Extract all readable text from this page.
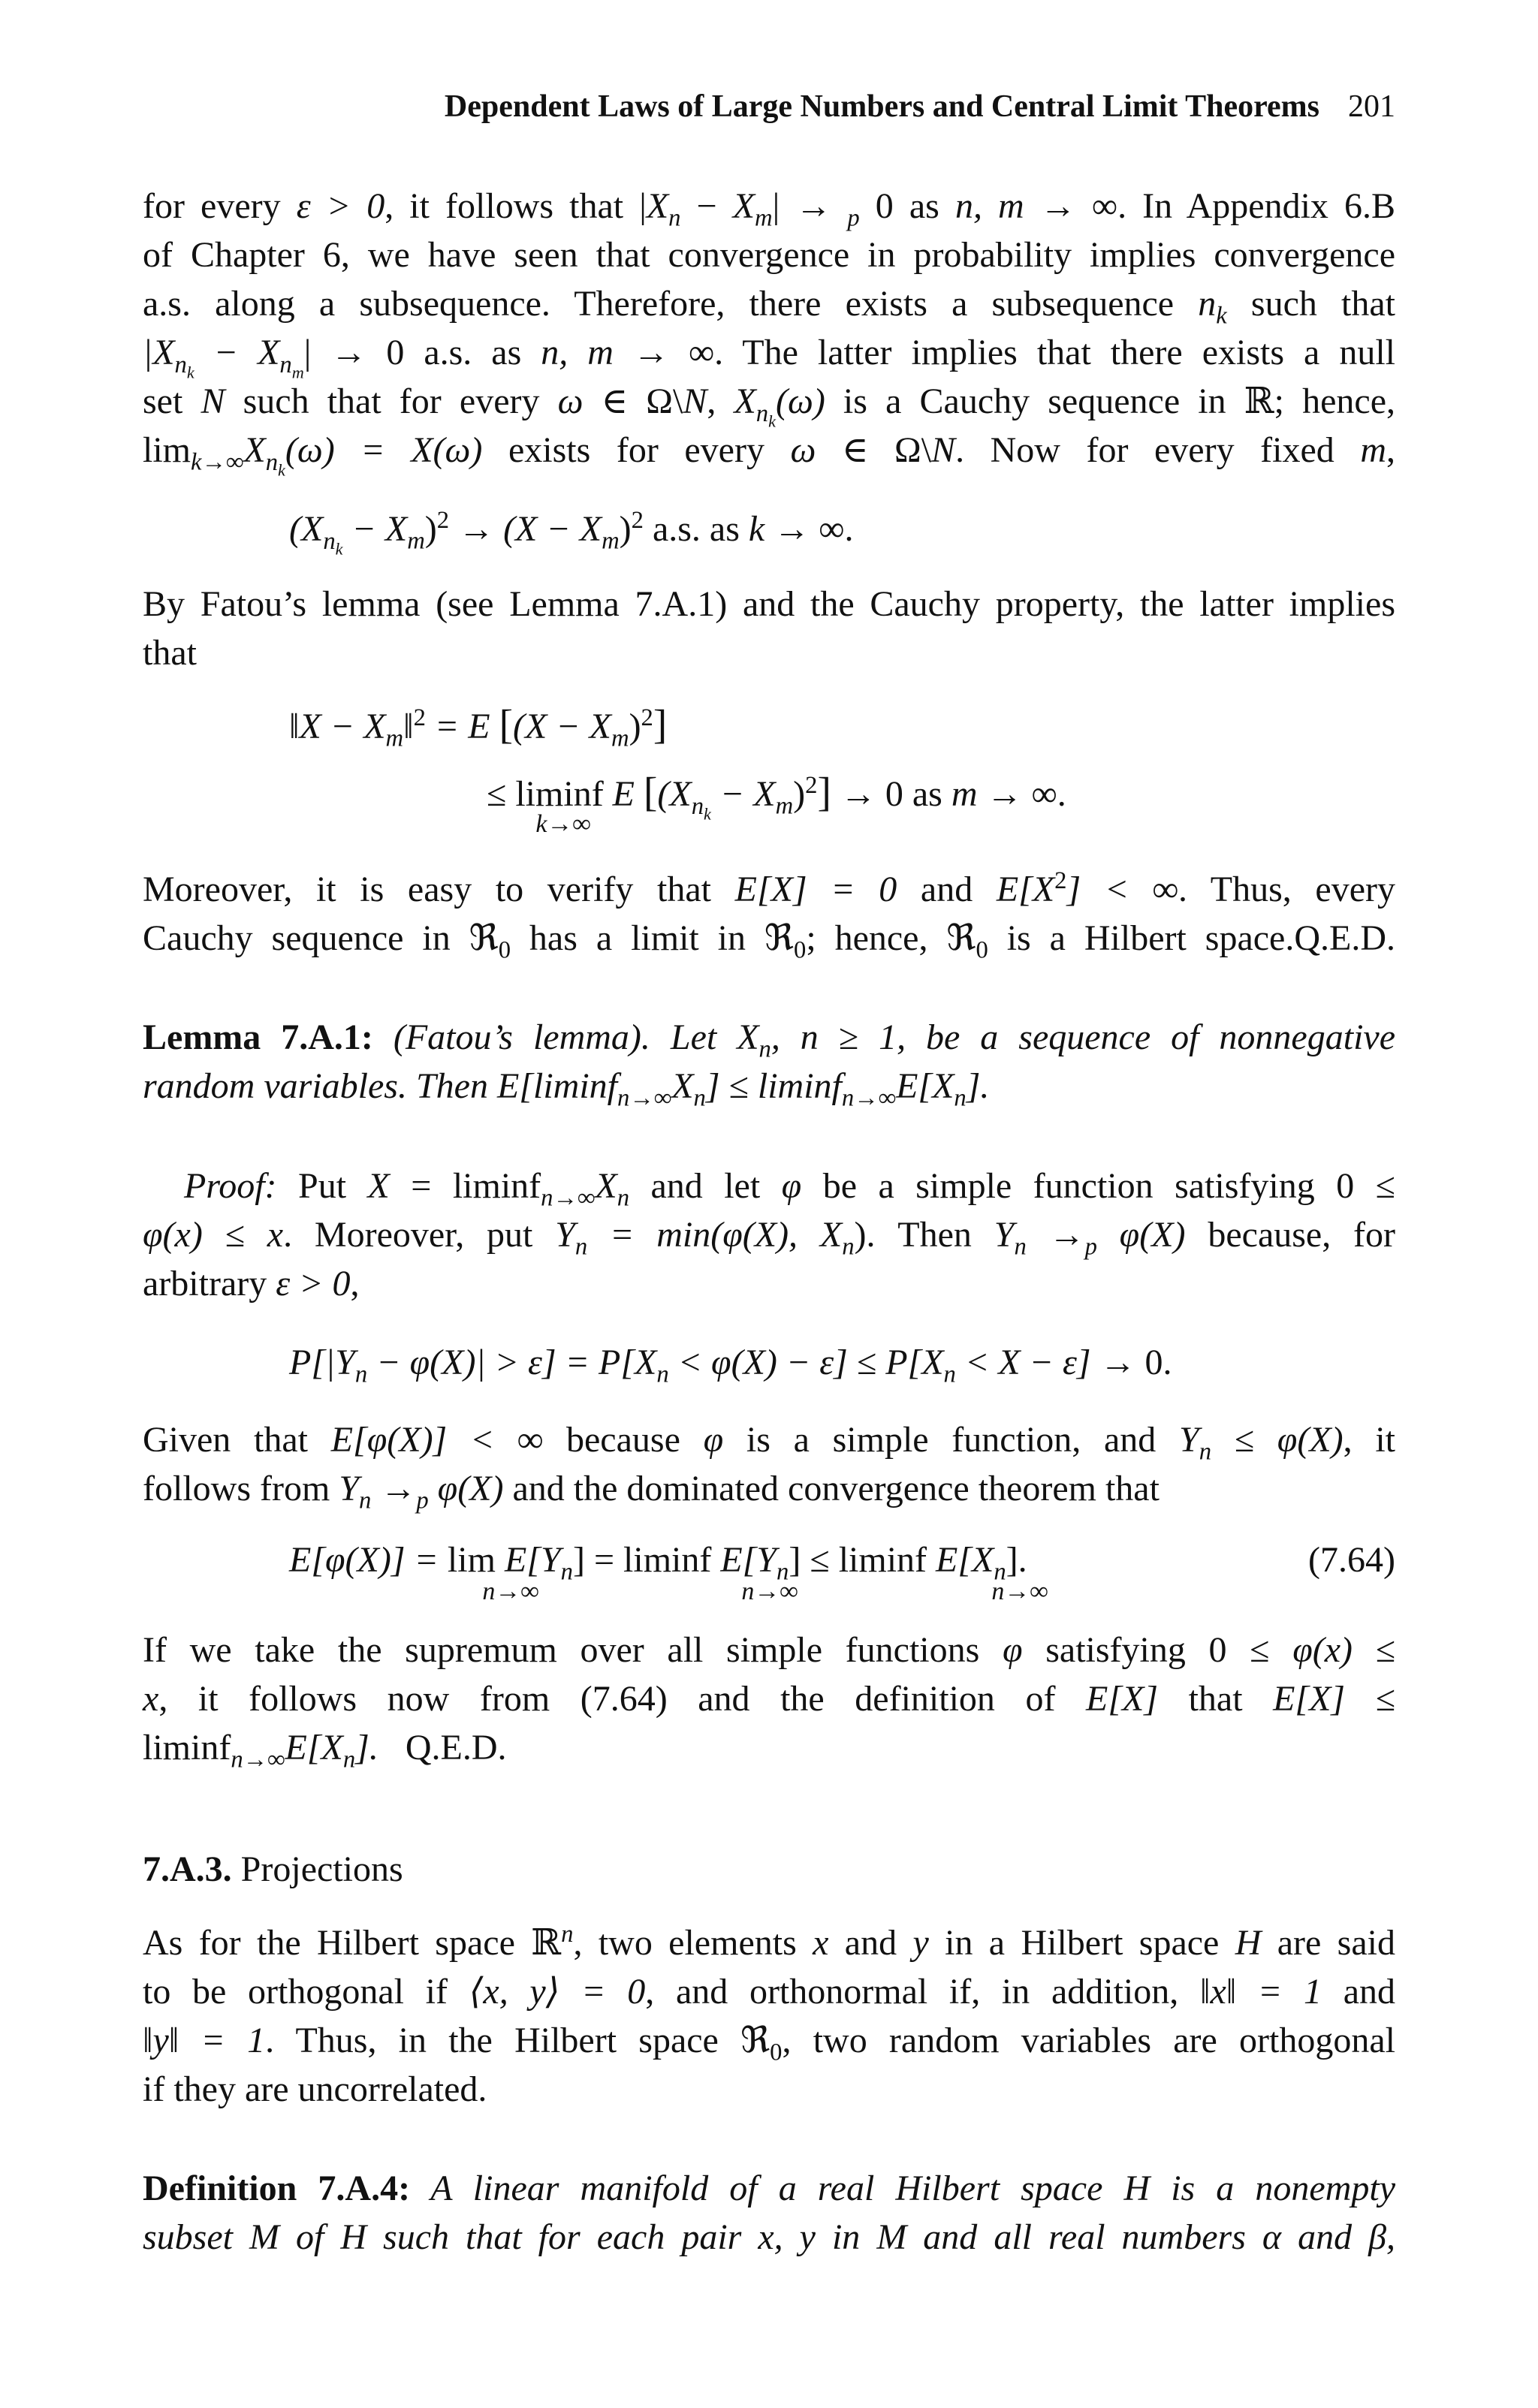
Dependent Laws of Large Numbers and Central Limit Theorems 201
for every ε > 0, it follows that $|X_n - X_m| \to _p$ 0 as n, m → ∞. In Appendix 6.B
of Chapter 6, we have seen that convergence in probability implies convergence
a.s. along a subsequence. Therefore, there exists a subsequence $n_k$ such that
$|X_{n_k} - X_{n_m}| \to 0$ a.s. as n, m → ∞. The latter implies that there exists a null
set N such that for every ω ∈ Ω\N, $X_{n_k}(\omega)$ is a Cauchy sequence in ℝ; hence,
$\lim_{k\to\infty}X_{n_k}(\omega) = X(\omega)$ exists for every ω ∈ Ω\N. Now for every fixed m,
$(X_{n_k} - X_m)^2 \to (X - X_m)^2$ a.s. as k → ∞.
By Fatou’s lemma (see Lemma 7.A.1) and the Cauchy property, the latter implies
that
‖X − $X_m‖^2 = E$ $[(X - X_m)^2]$
≤ liminf E $[(X_{n_k} - X_m)^2] \to 0$ as m → ∞.
k→∞
Moreover, it is easy to verify that E[X] = 0 and $E[X^2]$ < ∞. Thus, every
Cauchy sequence in ℜ$_0$ has a limit in ℜ$_0$; hence, ℜ$_0$ is a Hilbert space.Q.E.D.
Lemma 7.A.1: (Fatou’s lemma). Let $X_n$, n ≥ 1, be a sequence of nonnegative
random variables. Then $E[liminf_{n\to\infty}X_n] \le liminf_{n\to\infty}E[X_n]$.
Proof: Put $X = liminf_{n\to\infty}X_n$ and let φ be a simple function satisfying 0 ≤
φ(x) ≤ x. Moreover, put $Y_n = \min(\varphi(X)$, $X_n$). Then $Y_n \to_p$ φ(X) because, for
arbitrary ε > 0,
$P[|Y_n - \varphi(X)| > \varepsilon] = P[X_n < \varphi(X) - \varepsilon] \le P[X_n < X - \varepsilon] \to 0$.
Given that E[φ(X)] < ∞ because φ is a simple function, and $Y_n \le \varphi(X)$, it
follows from $Y_n \to_p$ φ(X) and the dominated convergence theorem that
$E[\varphi(X)] = \lim E[Y_n] = liminf$ $E[Y_n] \le liminf$ $E[X_n]$.
n→∞	n→∞	n→∞
(7.64)
If we take the supremum over all simple functions φ satisfying 0 ≤ φ(x) ≤
x, it follows now from (7.64) and the definition of E[X] that E[X] ≤
$liminf_{n\to\infty}E[X_n]$. Q.E.D.
7.A.3. Projections
As for the Hilbert space ℝ$^n$, two elements x and y in a Hilbert space H are said
to be orthogonal if ⟨x, y⟩ = 0, and orthonormal if, in addition, ‖x‖ = 1 and
‖y‖ = 1. Thus, in the Hilbert space ℜ$_0$, two random variables are orthogonal
if they are uncorrelated.
Definition 7.A.4: A linear manifold of a real Hilbert space H is a nonempty
subset M of H such that for each pair x, y in M and all real numbers α and β,
